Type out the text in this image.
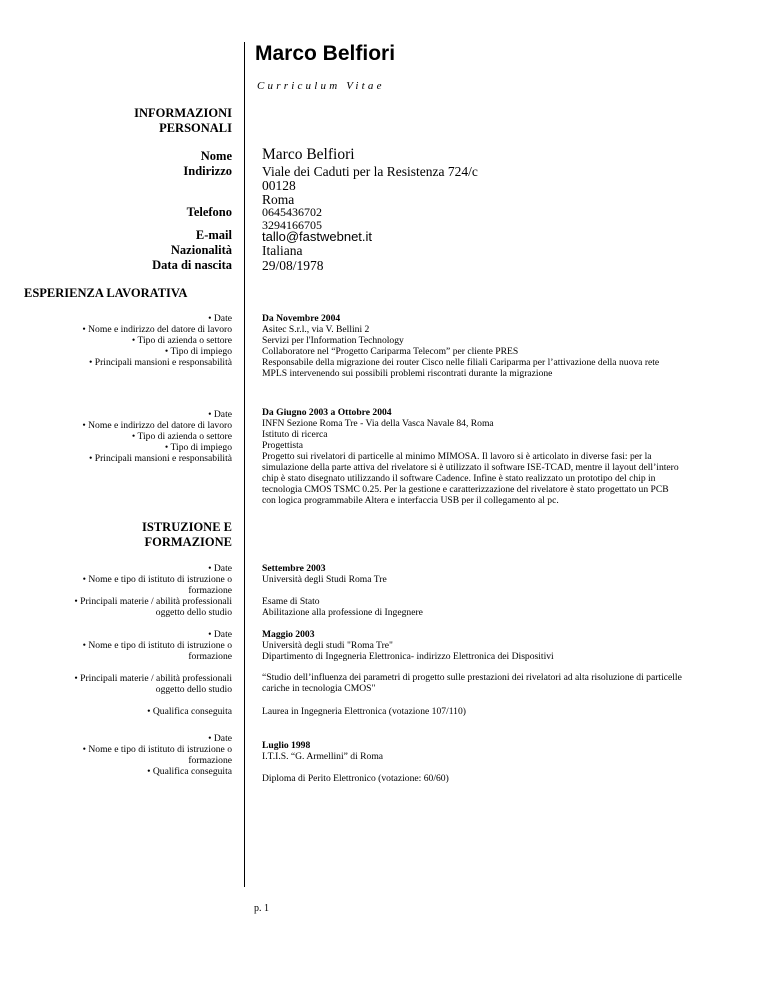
Marco Belfiori
Curriculum Vitae
INFORMAZIONI
PERSONALI
Nome
Indirizzo
Telefono
E-mail
Nazionalità
Data di nascita
Marco Belfiori
Viale dei Caduti per la Resistenza 724/c
00128
Roma
0645436702
3294166705
tallo@fastwebnet.it
Italiana
29/08/1978
ESPERIENZA LAVORATIVA
• Date
• Nome e indirizzo del datore di lavoro
• Tipo di azienda o settore
• Tipo di impiego
• Principali mansioni e responsabilità
Da Novembre 2004
Asitec S.r.l., via V. Bellini 2
Servizi per l'Information Technology
Collaboratore nel “Progetto Cariparma Telecom” per cliente PRES
Responsabile della migrazione dei router Cisco nelle filiali Cariparma per l’attivazione della nuova rete
MPLS intervenendo sui possibili problemi riscontrati durante la migrazione
• Date
• Nome e indirizzo del datore di lavoro
• Tipo di azienda o settore
• Tipo di impiego
• Principali mansioni e responsabilità
Da Giugno 2003 a Ottobre 2004
INFN Sezione Roma Tre - Via della Vasca Navale 84, Roma
Istituto di ricerca
Progettista
Progetto sui rivelatori di particelle al minimo MIMOSA. Il lavoro si è articolato in diverse fasi: per la
simulazione della parte attiva del rivelatore si è utilizzato il software ISE-TCAD, mentre il layout dell’intero
chip è stato disegnato utilizzando il software Cadence. Infine è stato realizzato un prototipo del chip in
tecnologia CMOS TSMC 0.25. Per la gestione e caratterizzazione del rivelatore è stato progettato un PCB
con logica programmabile Altera e interfaccia USB per il collegamento al pc.
ISTRUZIONE E
FORMAZIONE
• Date
• Nome e tipo di istituto di istruzione o
formazione
• Principali materie / abilità professionali
oggetto dello studio
Settembre 2003
Università degli Studi Roma Tre
Esame di Stato
Abilitazione alla professione di Ingegnere
• Date
• Nome e tipo di istituto di istruzione o
formazione
• Principali materie / abilità professionali
oggetto dello studio
• Qualifica conseguita
Maggio 2003
Università degli studi "Roma Tre"
Dipartimento di Ingegneria Elettronica- indirizzo Elettronica dei Dispositivi
“Studio dell’influenza dei parametri di progetto sulle prestazioni dei rivelatori ad alta risoluzione di particelle
cariche in tecnologia CMOS"
Laurea in Ingegneria Elettronica (votazione 107/110)
• Date
• Nome e tipo di istituto di istruzione o
formazione
• Qualifica conseguita
Luglio 1998
I.T.I.S. “G. Armellini” di Roma
Diploma di Perito Elettronico (votazione: 60/60)
p. 1
